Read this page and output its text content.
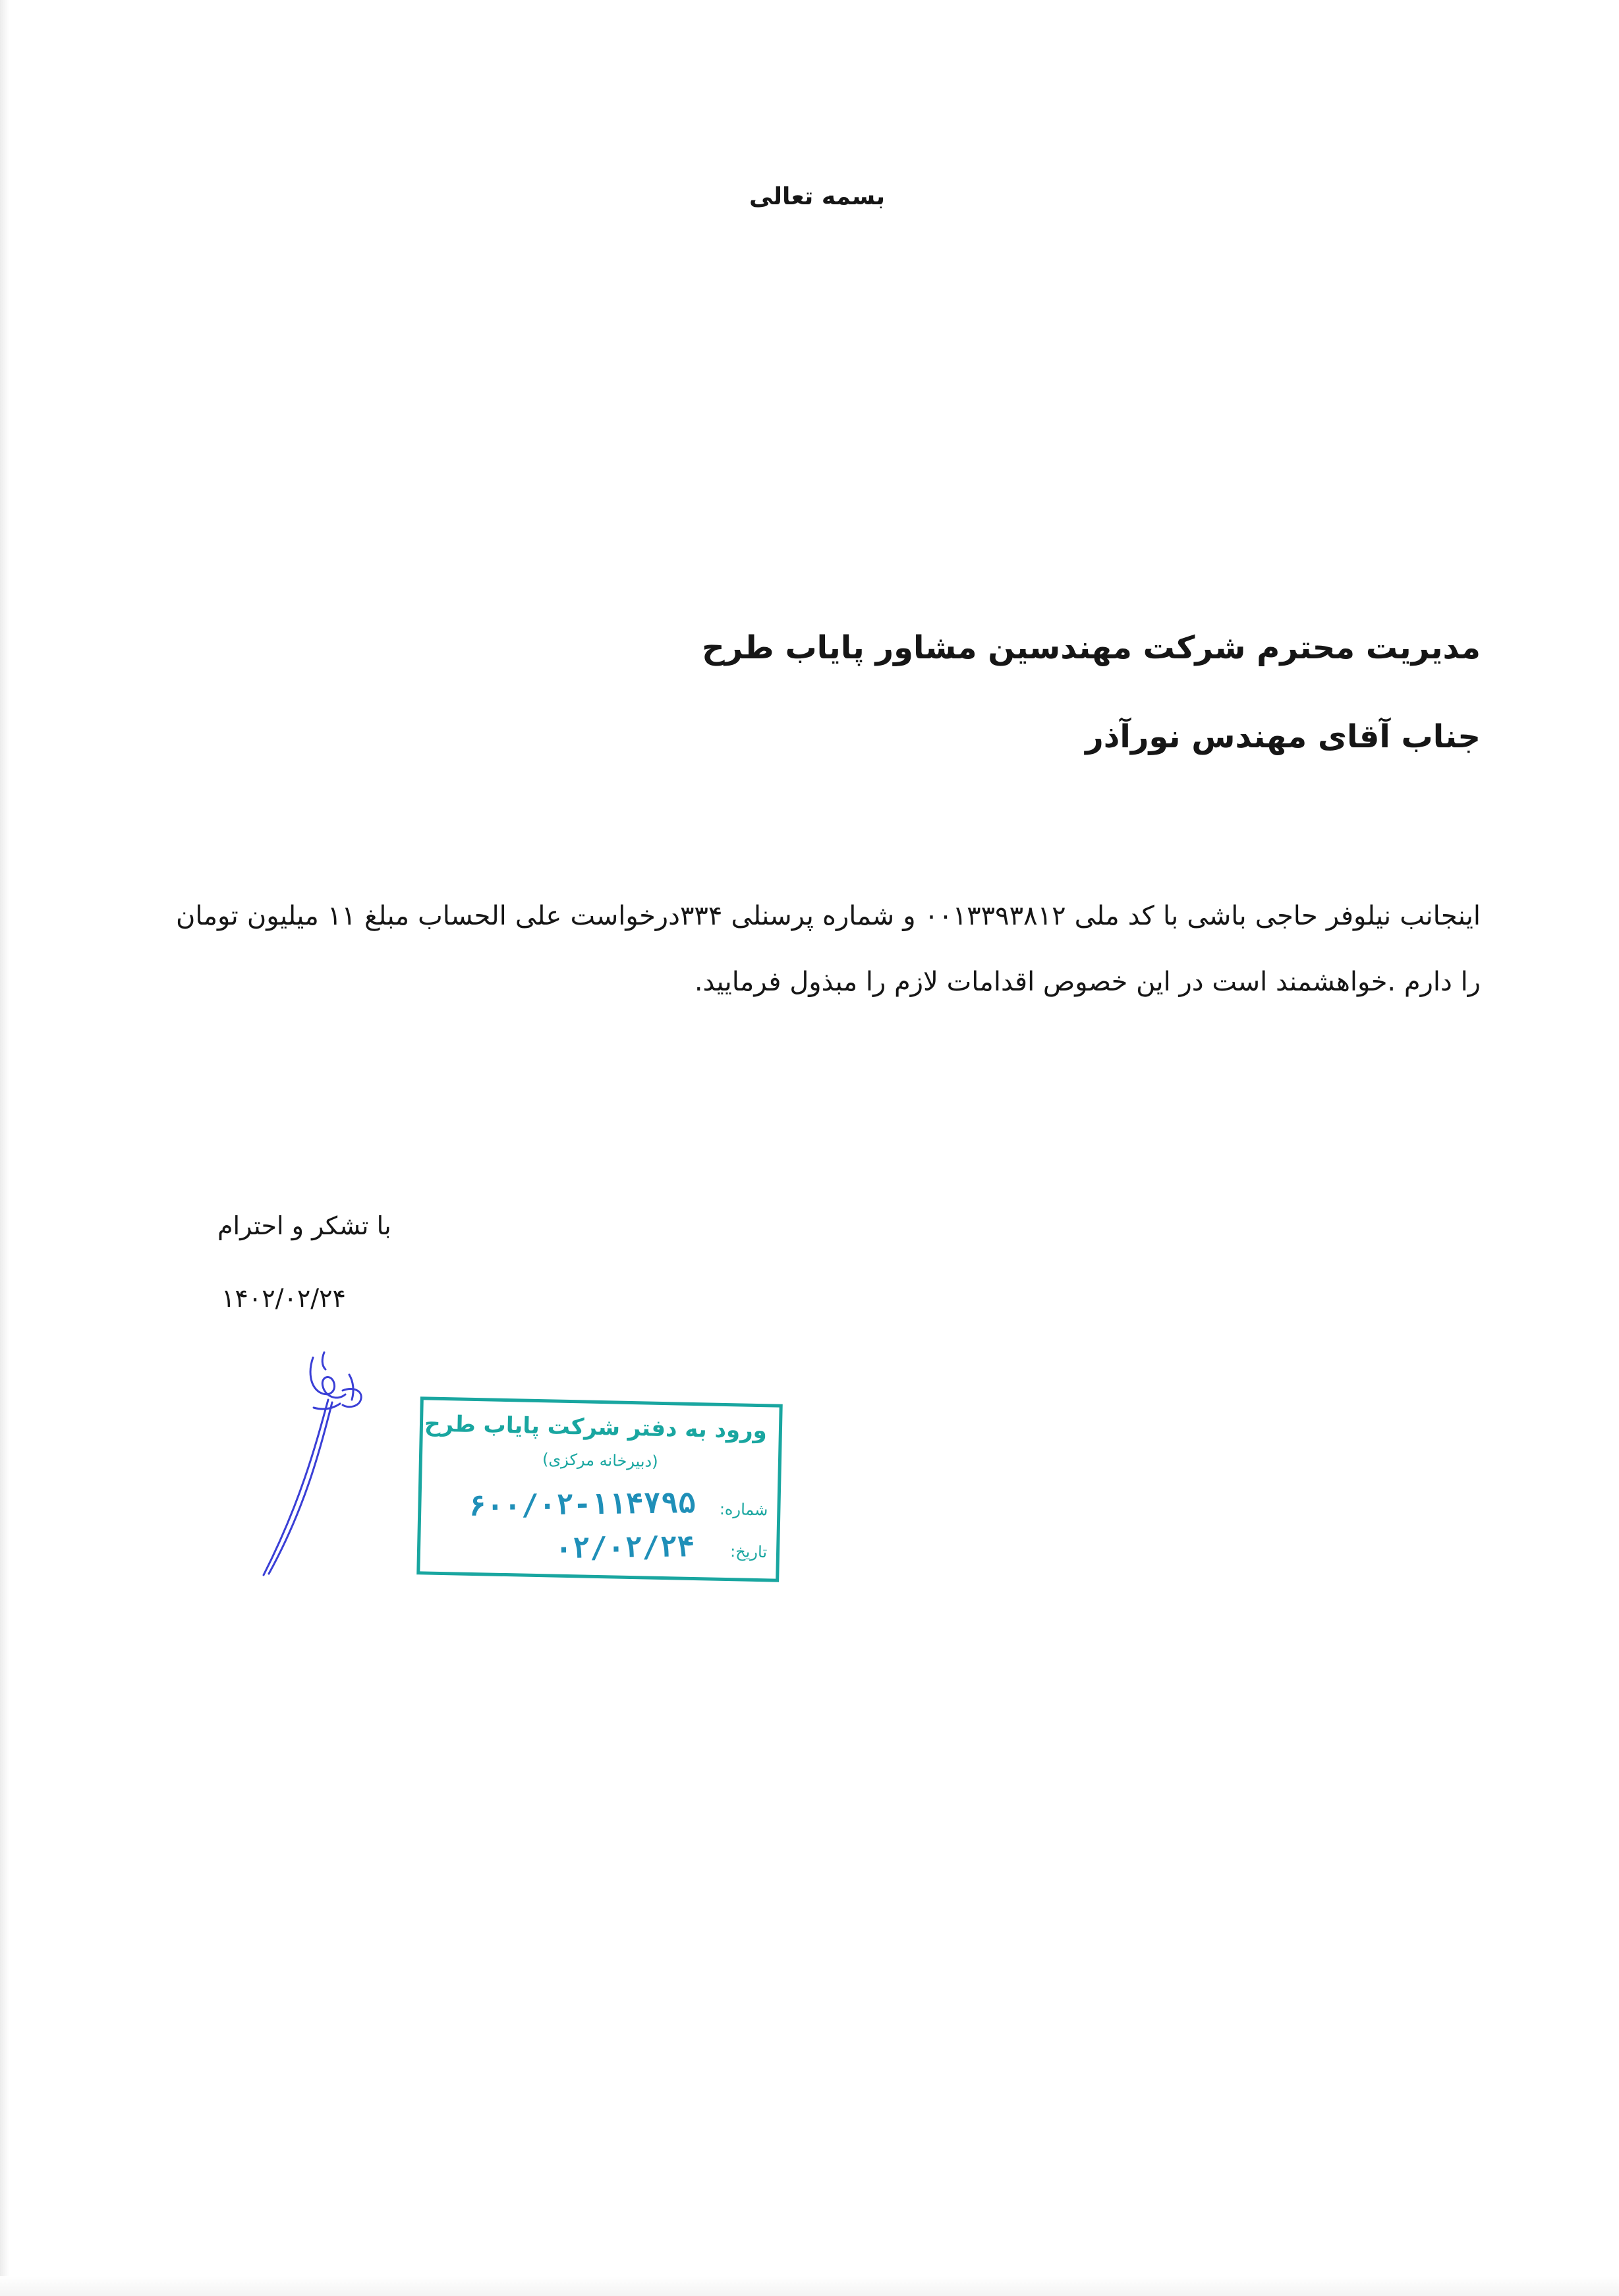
بسمه تعالی
مدیریت محترم شرکت مهندسین مشاور پایاب طرح
جناب آقای مهندس نورآذر
اینجانب نیلوفر حاجی باشی با کد ملی ۰۰۱۳۳۹۳۸۱۲ و شماره پرسنلی ۳۳۴درخواست علی الحساب مبلغ ۱۱ میلیون تومان را دارم .خواهشمند است در این خصوص اقدامات لازم را مبذول فرمایید.
با تشکر و احترام
۱۴۰۲/۰۲/۲۴
ورود به دفتر شرکت پایاب طرح
(دبیرخانه مرکزی)
شماره:
۶۰۰/۰۲-۱۱۴۷۹۵
تاریخ:
۰۲/۰۲/۲۴
